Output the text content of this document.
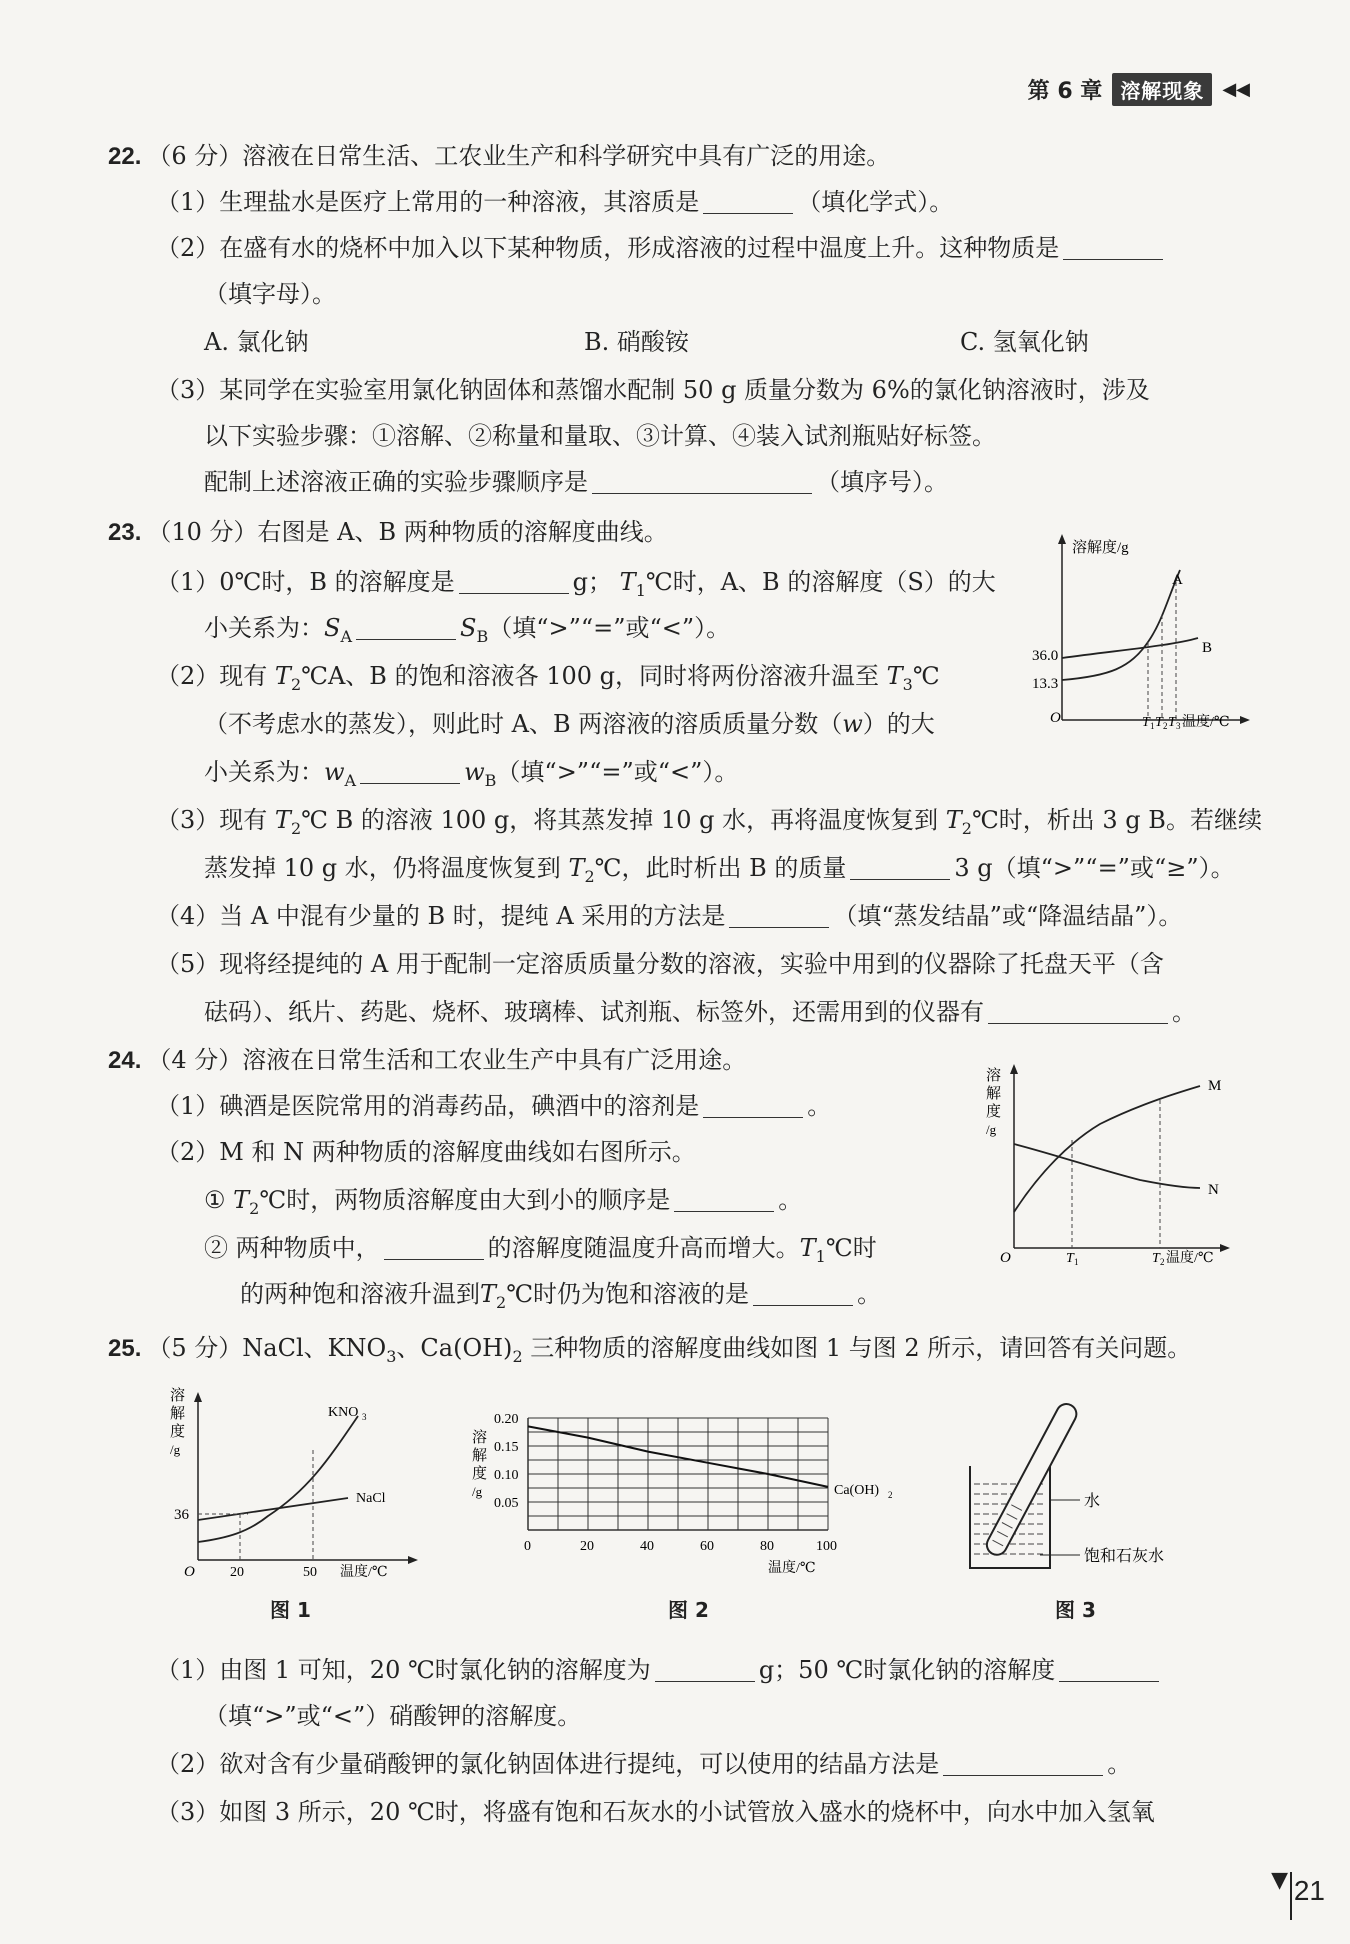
第 6 章 溶解现象	◀◀
22. （6 分）溶液在日常生活、工农业生产和科学研究中具有广泛的用途。
（1）生理盐水是医疗上常用的一种溶液，其溶质是	（填化学式）。
（2）在盛有水的烧杯中加入以下某种物质，形成溶液的过程中温度上升。这种物质是
（填字母）。
A. 氯化钠	B. 硝酸铵	C. 氢氧化钠
（3）某同学在实验室用氯化钠固体和蒸馏水配制 50 g 质量分数为 6%的氯化钠溶液时，涉及
以下实验步骤：①溶解、②称量和量取、③计算、④装入试剂瓶贴好标签。
配制上述溶液正确的实验步骤顺序是	（填序号）。
23. （10 分）右图是 A、B 两种物质的溶解度曲线。
（1）0℃时，B 的溶解度是	g； $T_1℃$时，A、B 的溶解度（S）的大
小关系为：$S_A$	$S_B$（填“>”“=”或“<”）。
（2）现有 $T_2℃A$、B 的饱和溶液各 100 g，同时将两份溶液升温至 $T_3℃$
（不考虑水的蒸发），则此时 A、B 两溶液的溶质质量分数（w）的大
小关系为：$w_A$	$w_B$（填“>”“=”或“<”）。
（3）现有 $T_2℃$ B 的溶液 100 g，将其蒸发掉 10 g 水，再将温度恢复到 $T_2℃$时，析出 3 g B。若继续
蒸发掉 10 g 水，仍将温度恢复到 $T_2℃$，此时析出 B 的质量	3 g（填“>”“=”或“≥”）。
（4）当 A 中混有少量的 B 时，提纯 A 采用的方法是	（填“蒸发结晶”或“降温结晶”）。
（5）现将经提纯的 A 用于配制一定溶质质量分数的溶液，实验中用到的仪器除了托盘天平（含
砝码）、纸片、药匙、烧杯、玻璃棒、试剂瓶、标签外，还需用到的仪器有	。
溶解度/g
36.0
13.3
A
B
O	T 1 T 2 T 3 温度/℃
24. （4 分）溶液在日常生活和工农业生产中具有广泛用途。
（1）碘酒是医院常用的消毒药品，碘酒中的溶剂是	。
（2）M 和 N 两种物质的溶解度曲线如右图所示。
① $T_2℃$时，两物质溶解度由大到小的顺序是	。
② 两种物质中，	的溶解度随温度升高而增大。$T_1℃$时
的两种饱和溶液升温到$T_2℃$时仍为饱和溶液的是	。
溶
解
度
/g
M
N
O	T 1	T 2 温度/℃
25. （5 分）NaCl、$KNO_3$、$Ca(OH)_2$ 三种物质的溶解度曲线如图 1 与图 2 所示，请回答有关问题。
溶
解
度
/g
KNO 3
NaCl
36
O	20	50 温度/℃
图 1
溶
解
度
/g
0.05
0.10
0.15
0.20
0	20	40	60	80	100
Ca(OH) 2
温度/℃
图 2
水
饱和石灰水
图 3
（1）由图 1 可知，20 ℃时氯化钠的溶解度为	g；50 ℃时氯化钠的溶解度
（填“>”或“<”）硝酸钾的溶解度。
（2）欲对含有少量硝酸钾的氯化钠固体进行提纯，可以使用的结晶方法是	。
（3）如图 3 所示，20 ℃时，将盛有饱和石灰水的小试管放入盛水的烧杯中，向水中加入氢氧
▼ 21
